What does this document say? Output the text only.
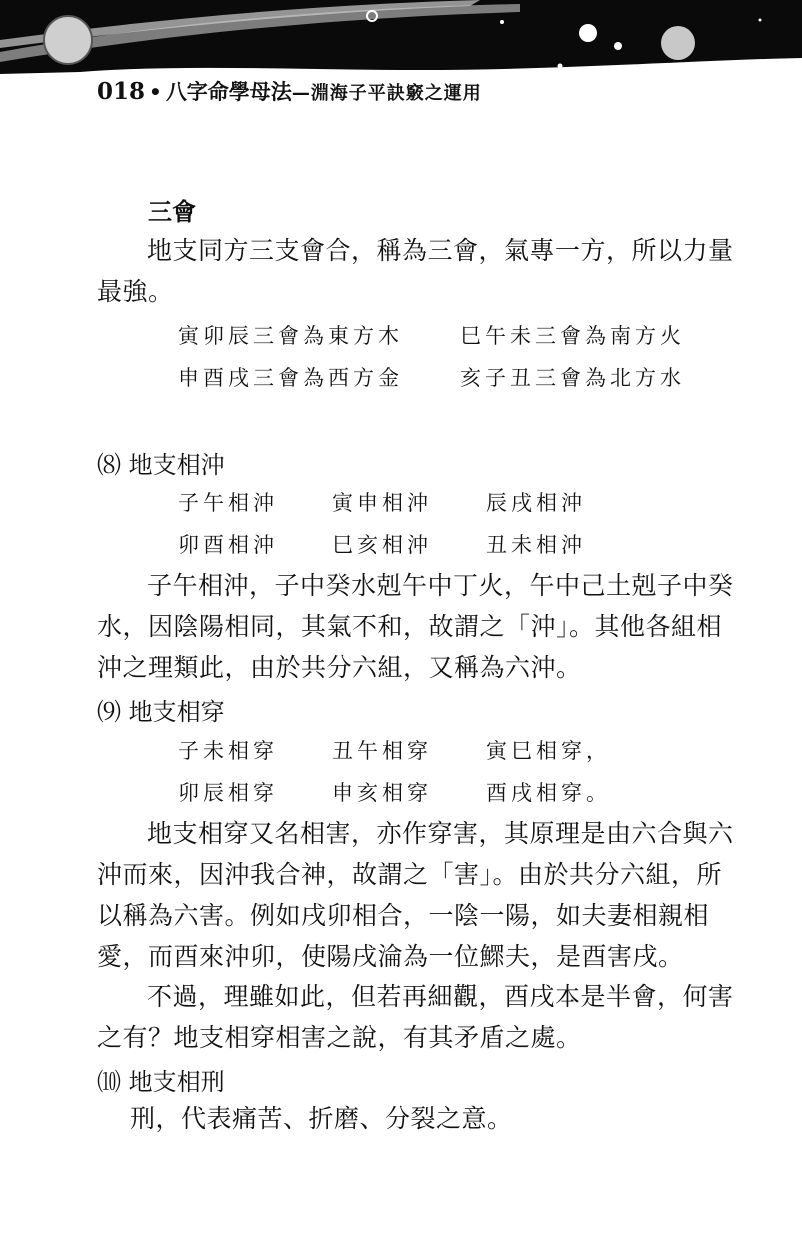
018 • 八字命學母法 —淵海子平訣竅之運用
三會

地支同方三支會合，稱為三會，氣專一方，所以力量最強。

寅卯辰三會為東方木	巳午未三會為南方火
申酉戌三會為西方金	亥子丑三會為北方水
⑻ 地支相沖
子午相沖	寅申相沖	辰戌相沖
卯酉相沖	巳亥相沖	丑未相沖

子午相沖，子中癸水剋午中丁火，午中己土剋子中癸水，因陰陽相同，其氣不和，故謂之「沖」。其他各組相沖之理類此，由於共分六組，又稱為六沖。

⑼ 地支相穿
子未相穿	丑午相穿	寅巳相穿，
卯辰相穿	申亥相穿	酉戌相穿。

地支相穿又名相害，亦作穿害，其原理是由六合與六沖而來，因沖我合神，故謂之「害」。由於共分六組，所以稱為六害。例如戌卯相合，一陰一陽，如夫妻相親相愛，而酉來沖卯，使陽戌淪為一位鰥夫，是酉害戌。

不過，理雖如此，但若再細觀，酉戌本是半會，何害之有？地支相穿相害之說，有其矛盾之處。

⑽ 地支相刑

刑，代表痛苦、折磨、分裂之意。
